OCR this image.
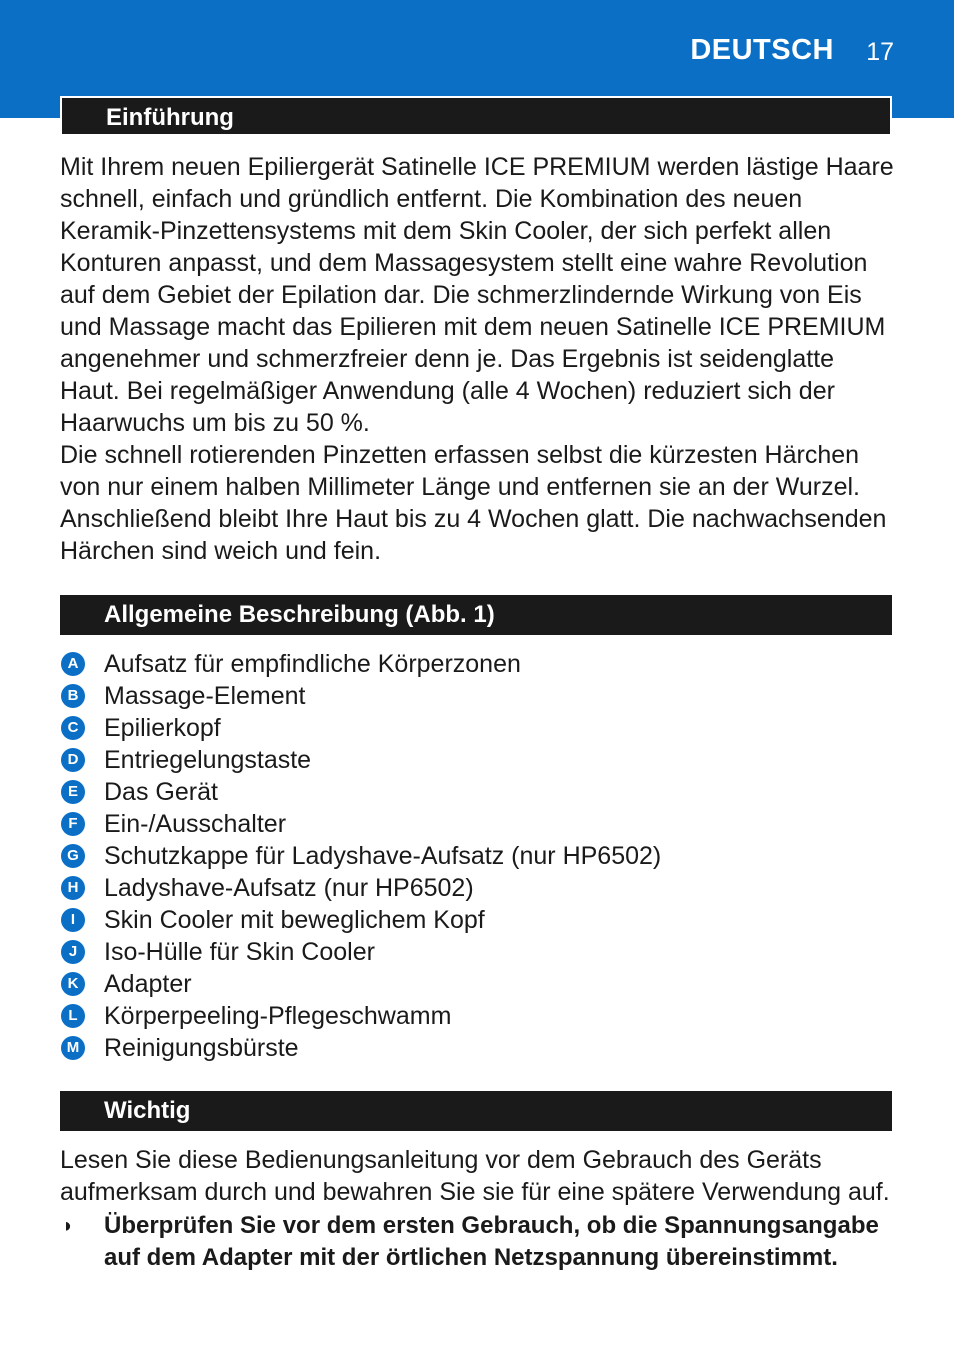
DEUTSCH 17
Einführung

Mit Ihrem neuen Epiliergerät Satinelle ICE PREMIUM werden lästige Haare schnell, einfach und gründlich entfernt. Die Kombination des neuen Keramik-Pinzettensystems mit dem Skin Cooler, der sich perfekt allen Konturen anpasst, und dem Massagesystem stellt eine wahre Revolution auf dem Gebiet der Epilation dar. Die schmerzlindernde Wirkung von Eis und Massage macht das Epilieren mit dem neuen Satinelle ICE PREMIUM angenehmer und schmerzfreier denn je. Das Ergebnis ist seidenglatte Haut. Bei regelmäßiger Anwendung (alle 4 Wochen) reduziert sich der Haarwuchs um bis zu 50 %.

Die schnell rotierenden Pinzetten erfassen selbst die kürzesten Härchen von nur einem halben Millimeter Länge und entfernen sie an der Wurzel. Anschließend bleibt Ihre Haut bis zu 4 Wochen glatt. Die nachwachsenden Härchen sind weich und fein.

Allgemeine Beschreibung (Abb. 1)
A Aufsatz für empfindliche Körperzonen
B Massage-Element
C Epilierkopf
D Entriegelungstaste
E Das Gerät
F Ein-/Ausschalter
G Schutzkappe für Ladyshave-Aufsatz (nur HP6502)
H Ladyshave-Aufsatz (nur HP6502)
I	Skin Cooler mit beweglichem Kopf
J	Iso-Hülle für Skin Cooler
K Adapter
L Körperpeeling-Pflegeschwamm
M Reinigungsbürste
Wichtig

Lesen Sie diese Bedienungsanleitung vor dem Gebrauch des Geräts aufmerksam durch und bewahren Sie sie für eine spätere Verwendung auf.

◗	Überprüfen Sie vor dem ersten Gebrauch, ob die Spannungsangabe auf dem Adapter mit der örtlichen Netzspannung übereinstimmt.
